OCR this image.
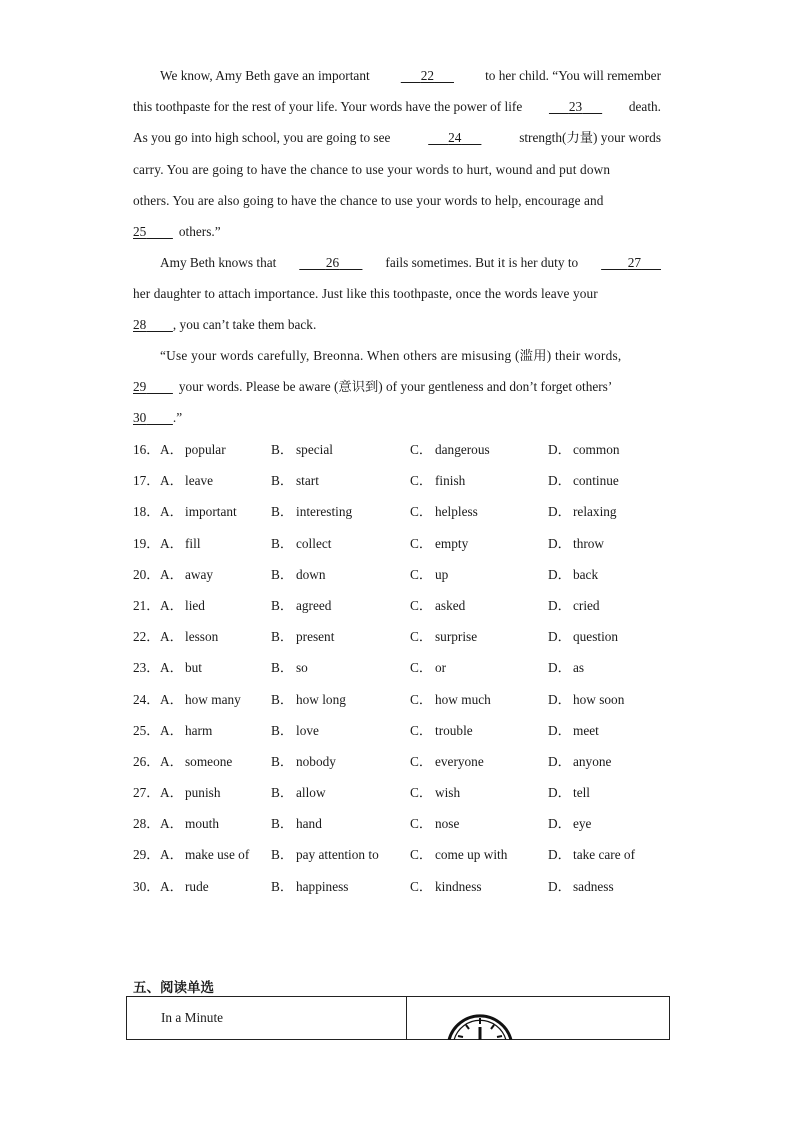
We know, Amy Beth gave an important	22	to her child. “You will remember
this toothpaste for the rest of your life. Your words have the power of life	23	death.
As you go into high school, you are going to see	24	strength(力量) your words
carry. You are going to have the chance to use your words to hurt, wound and put down
others. You are also going to have the chance to use your words to help, encourage and
25	others.”
Amy Beth knows that	26	fails sometimes. But it is her duty to	27
her daughter to attach importance. Just like this toothpaste, once the words leave your
28	, you can’t take them back.
“Use your words carefully, Breonna. When others are misusing (滥用) their words,
29	your words. Please be aware (意识到) of your gentleness and don’t forget others’
30	.”
16． A． popular	B． special	C． dangerous	D． common
17． A． leave	B． start	C． finish	D． continue
18． A． important	B． interesting	C． helpless	D． relaxing
19． A． fill	B． collect	C． empty	D． throw
20． A． away	B． down	C． up	D． back
21． A． lied	B． agreed	C． asked	D． cried
22． A． lesson	B． present	C． surprise	D． question
23． A． but	B． so	C． or	D． as
24． A． how many B． how long	C． how much	D． how soon
25． A． harm	B． love	C． trouble	D． meet
26． A． someone	B． nobody	C． everyone	D． anyone
27． A． punish	B． allow	C． wish	D． tell
28． A． mouth	B． hand	C． nose	D． eye
29． A． make use of B． pay attention to C． come up with	D． take care of
30． A． rude	B． happiness	C． kindness	D． sadness
五、阅读单选
In a Minute
